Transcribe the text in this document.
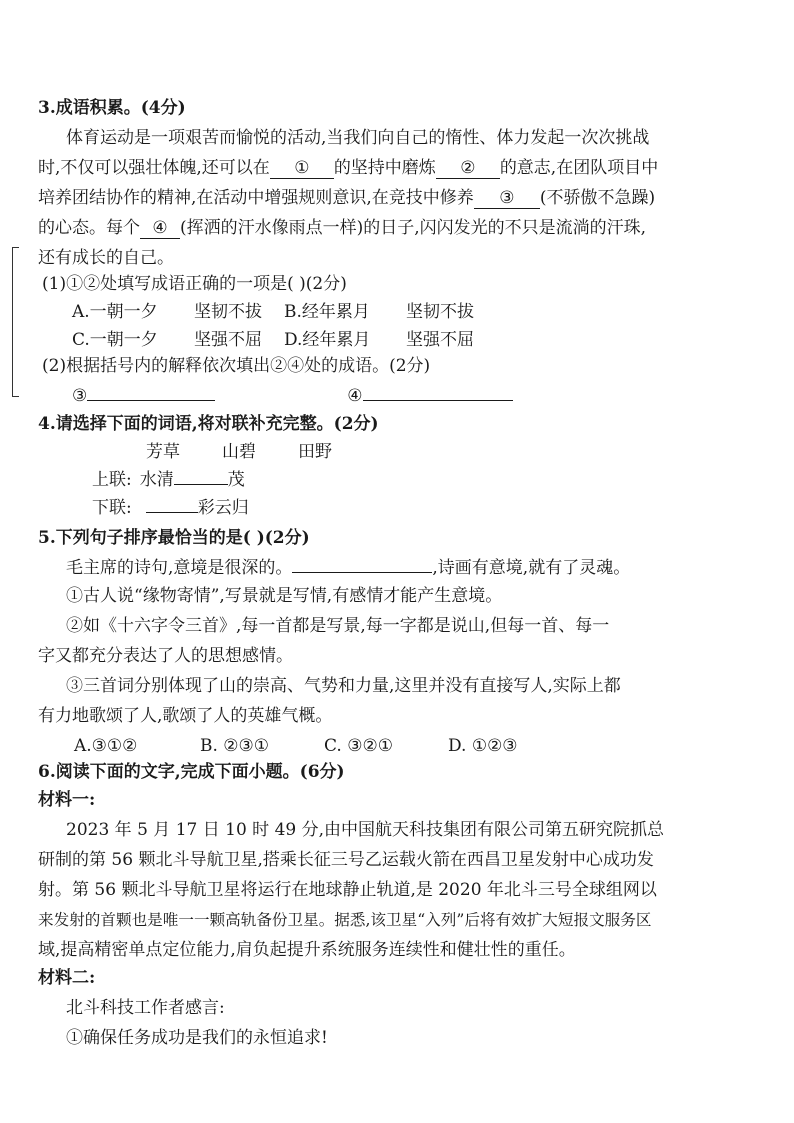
3.成语积累。(4分)
体育运动是一项艰苦而愉悦的活动,当我们向自己的惰性、体力发起一次次挑战
时,不仅可以强壮体魄,还可以在 ① 的坚持中磨炼 ② 的意志,在团队项目中
培养团结协作的精神,在活动中增强规则意识,在竞技中修养 ③ (不骄傲不急躁)
的心态。每个 ④ (挥洒的汗水像雨点一样)的日子,闪闪发光的不只是流淌的汗珠,
还有成长的自己。
(1)①②处填写成语正确的一项是( )(2分)
A.一朝一夕 坚韧不拔 B.经年累月 坚韧不拔
C.一朝一夕 坚强不屈 D.经年累月 坚强不屈
(2)根据括号内的解释依次填出②④处的成语。(2分)
③	④
4.请选择下面的词语,将对联补充完整。(2分)
芳草 山碧 田野
上联: 水清	茂
下联:	彩云归
5.下列句子排序最恰当的是( )(2分)
毛主席的诗句,意境是很深的。	,诗画有意境,就有了灵魂。
①古人说“缘物寄情”,写景就是写情,有感情才能产生意境。
②如《十六字令三首》,每一首都是写景,每一字都是说山,但每一首、每一
字又都充分表达了人的思想感情。
③三首词分别体现了山的崇高、气势和力量,这里并没有直接写人,实际上都
有力地歌颂了人,歌颂了人的英雄气概。
A.③①②	B. ②③①	C. ③②①	D. ①②③
6.阅读下面的文字,完成下面小题。(6分)
材料一:
2023 年 5 月 17 日 10 时 49 分,由中国航天科技集团有限公司第五研究院抓总
研制的第 56 颗北斗导航卫星,搭乘长征三号乙运载火箭在西昌卫星发射中心成功发
射。第 56 颗北斗导航卫星将运行在地球静止轨道,是 2020 年北斗三号全球组网以
来发射的首颗也是唯一一颗高轨备份卫星。据悉,该卫星“入列”后将有效扩大短报文服务区
域,提高精密单点定位能力,肩负起提升系统服务连续性和健壮性的重任。
材料二:
北斗科技工作者感言:
①确保任务成功是我们的永恒追求!
